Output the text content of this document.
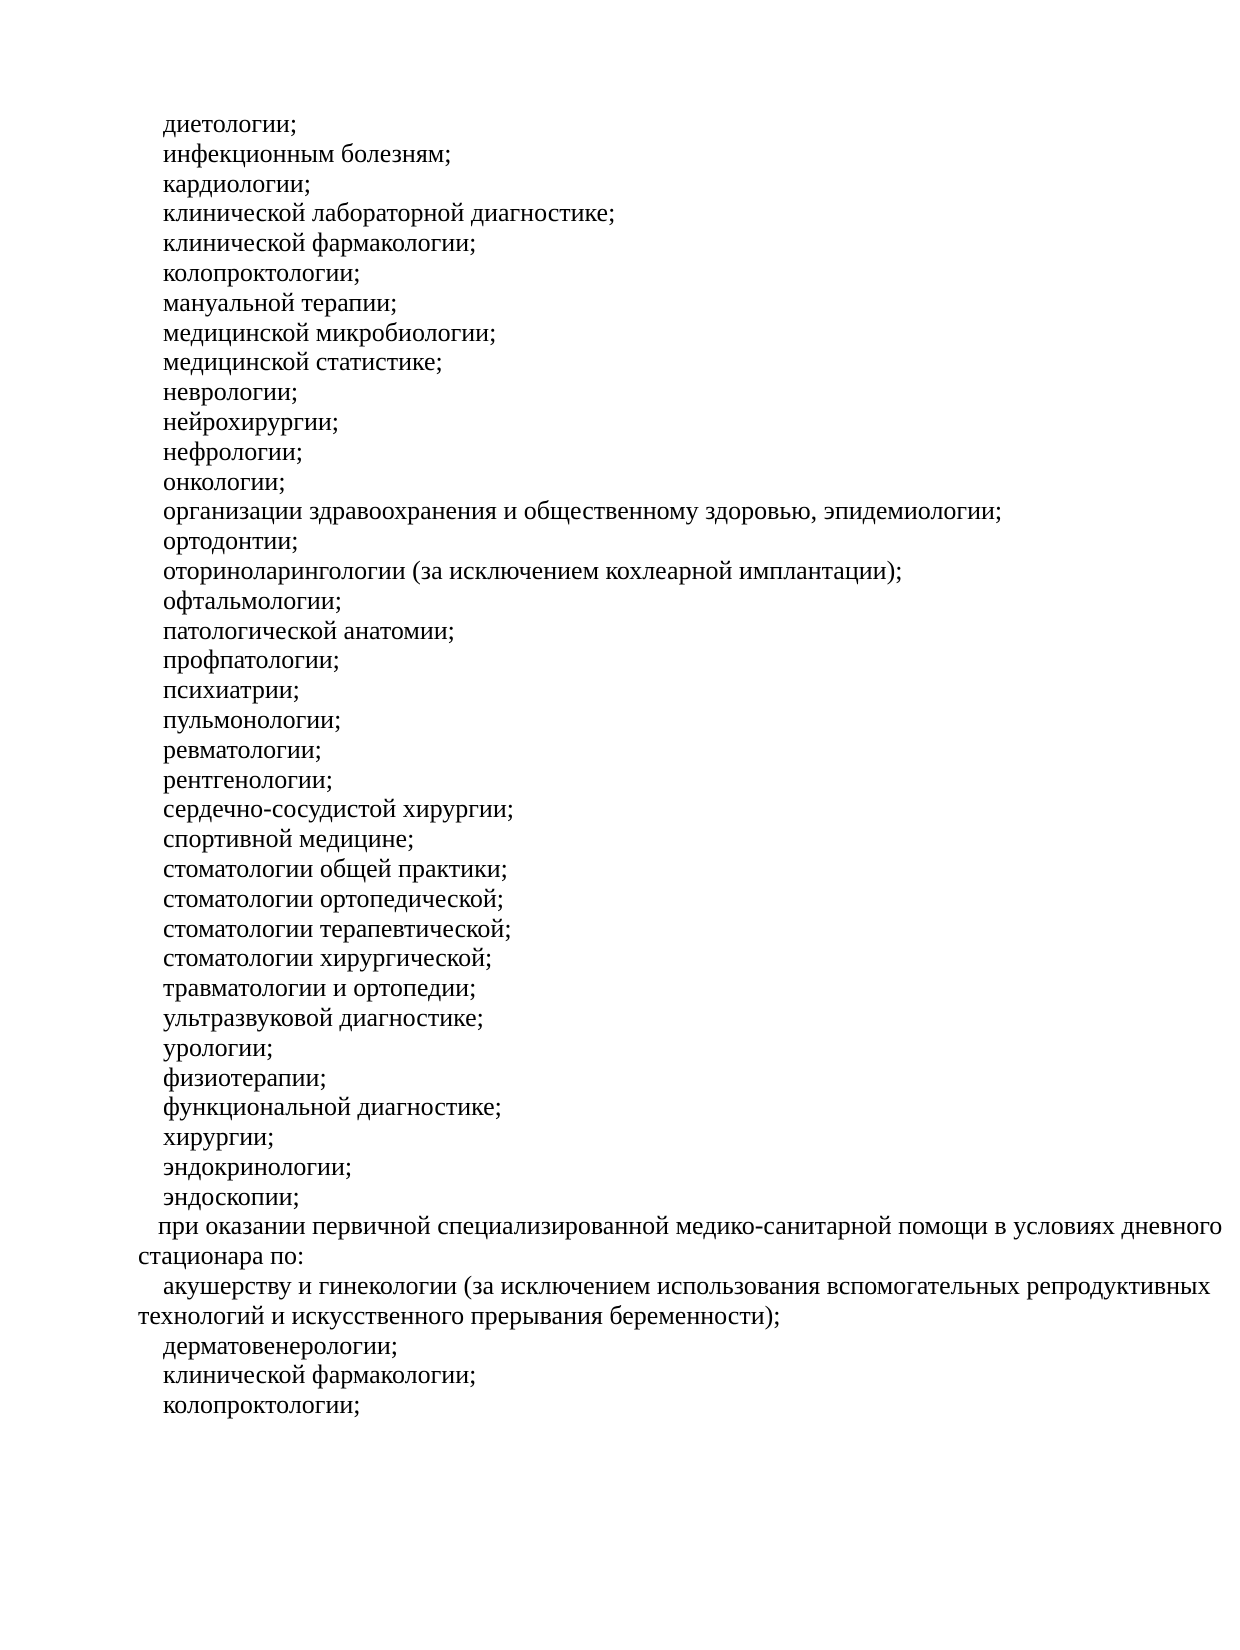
диетологии;
инфекционным болезням;
кардиологии;
клинической лабораторной диагностике;
клинической фармакологии;
колопроктологии;
мануальной терапии;
медицинской микробиологии;
медицинской статистике;
неврологии;
нейрохирургии;
нефрологии;
онкологии;
организации здравоохранения и общественному здоровью, эпидемиологии;
ортодонтии;
оториноларингологии (за исключением кохлеарной имплантации);
офтальмологии;
патологической анатомии;
профпатологии;
психиатрии;
пульмонологии;
ревматологии;
рентгенологии;
сердечно-сосудистой хирургии;
спортивной медицине;
стоматологии общей практики;
стоматологии ортопедической;
стоматологии терапевтической;
стоматологии хирургической;
травматологии и ортопедии;
ультразвуковой диагностике;
урологии;
физиотерапии;
функциональной диагностике;
хирургии;
эндокринологии;
эндоскопии;
при оказании первичной специализированной медико-санитарной помощи в условиях дневного
стационара по:
акушерству и гинекологии (за исключением использования вспомогательных репродуктивных
технологий и искусственного прерывания беременности);
дерматовенерологии;
клинической фармакологии;
колопроктологии;
